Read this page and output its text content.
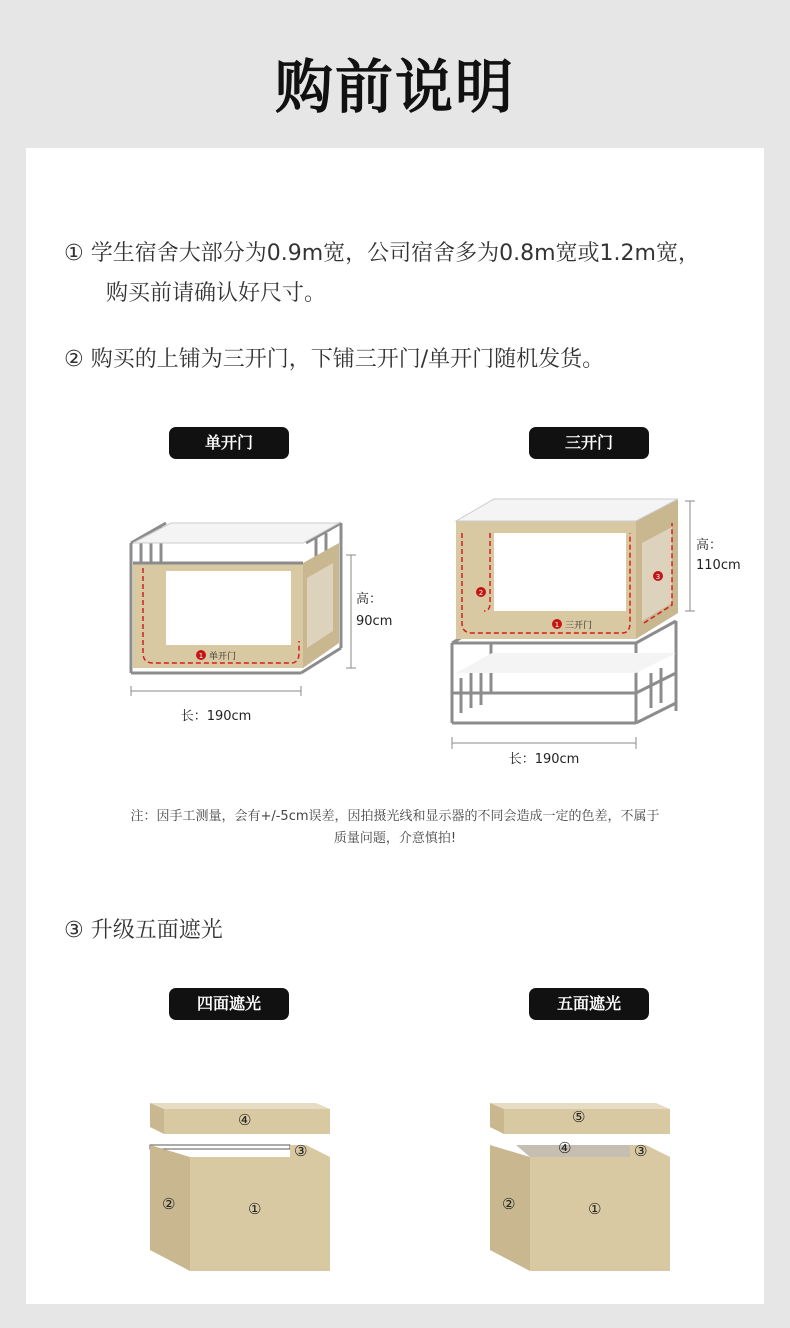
购前说明
① 学生宿舍大部分为0.9m宽，公司宿舍多为0.8m宽或1.2m宽，
购买前请确认好尺寸。
② 购买的上铺为三开门，下铺三开门/单开门随机发货。
单开门	三开门
1 单开门
高：
90cm
长：190cm
1 三开门
2
3
高：
110cm
长：190cm
注：因手工测量，会有+/-5cm误差，因拍摄光线和显示器的不同会造成一定的色差，不属于
质量问题，介意慎拍!
③ 升级五面遮光
四面遮光	五面遮光
④
③
②	①
⑤
④	③
②	①
